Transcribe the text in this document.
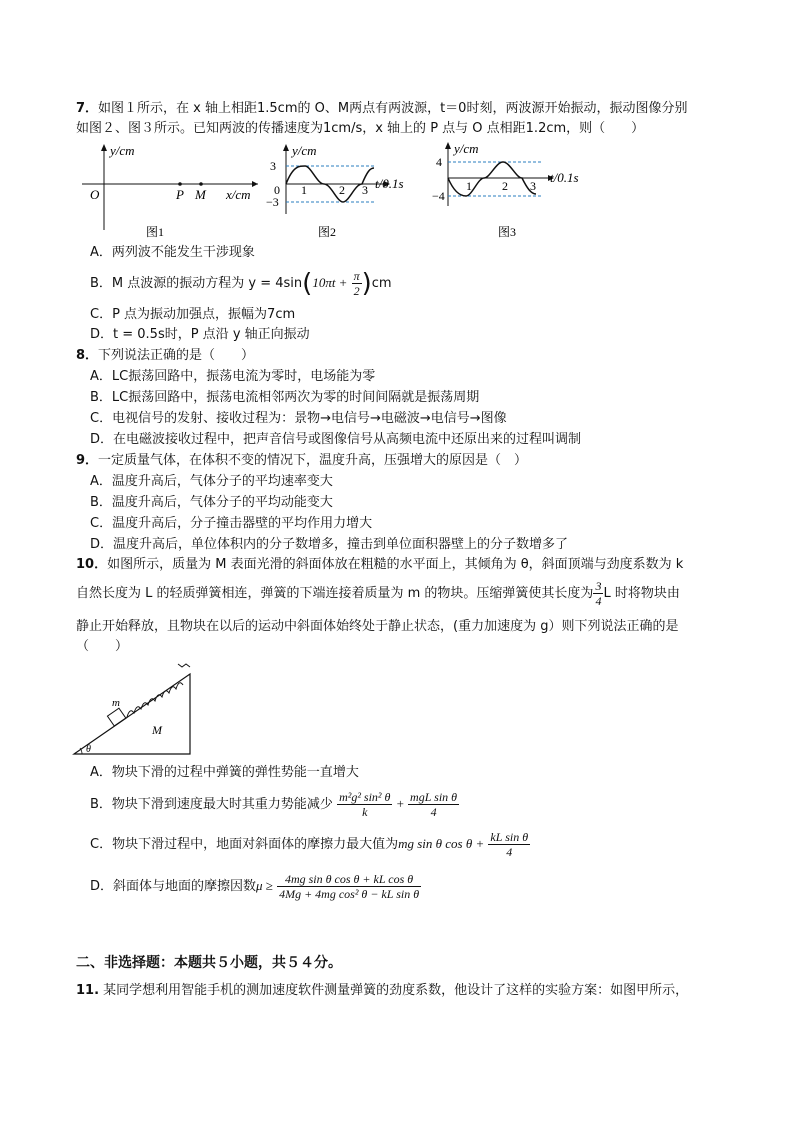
7．如图１所示，在 x 轴上相距1.5cm的 O、M两点有两波源，t＝0时刻，两波源开始振动，振动图像分别
如图２、图３所示。已知两波的传播速度为1cm/s，x 轴上的 P 点与 O 点相距1.2cm，则（　　）
y/cm
x/cm
O	P M
图1
3
−3
0 1	2 3
y/cm
t/0.1s
图2
4
−4
1	2 3
y/cm
t/0.1s
图3
A．两列波不能发生干涉现象
B．M 点波源的振动方程为 $y = 4\sin(10\pi t + \frac{\pi}{2} )cm$
C．P 点为振动加强点，振幅为7cm
D．t = 0.5s时，P 点沿 y 轴正向振动
8．下列说法正确的是（　　）
A．LC振荡回路中，振荡电流为零时，电场能为零
B．LC振荡回路中，振荡电流相邻两次为零的时间间隔就是振荡周期
C．电视信号的发射、接收过程为：景物→电信号→电磁波→电信号→图像
D．在电磁波接收过程中，把声音信号或图像信号从高频电流中还原出来的过程叫调制
9．一定质量气体，在体积不变的情况下，温度升高，压强增大的原因是（　）
A．温度升高后，气体分子的平均速率变大
B．温度升高后，气体分子的平均动能变大
C．温度升高后，分子撞击器壁的平均作用力增大
D．温度升高后，单位体积内的分子数增多，撞击到单位面积器壁上的分子数增多了
10．如图所示，质量为 M 表面光滑的斜面体放在粗糙的水平面上，其倾角为 θ，斜面顶端与劲度系数为 k
自然长度为 L 的轻质弹簧相连，弹簧的下端连接着质量为 m 的物块。压缩弹簧使其长度为 $\frac{3}{4}$ L 时将物块由
静止开始释放，且物块在以后的运动中斜面体始终处于静止状态，(重力加速度为 g）则下列说法正确的是
（　　）
m
M
θ
A．物块下滑的过程中弹簧的弹性势能一直增大
B．物块下滑到速度最大时其重力势能减少 $\frac{\text{m²g² sin² θ}}{k} + \frac{\text{mgL sin θ}}{4}$
C．物块下滑过程中，地面对斜面体的摩擦力最大值为mg sin θ $\cos \theta + \frac{\text{kL sin θ}}{4}$
D．斜面体与地面的摩擦因数$\mu \ge \frac{\text{4mg sin θ cos θ + kL cos θ}}{\text{4Mg + 4mg cos² θ − kL sin θ}}$
二、非选择题：本题共５小题，共５４分。
11. 某同学想利用智能手机的测加速度软件测量弹簧的劲度系数，他设计了这样的实验方案：如图甲所示，
